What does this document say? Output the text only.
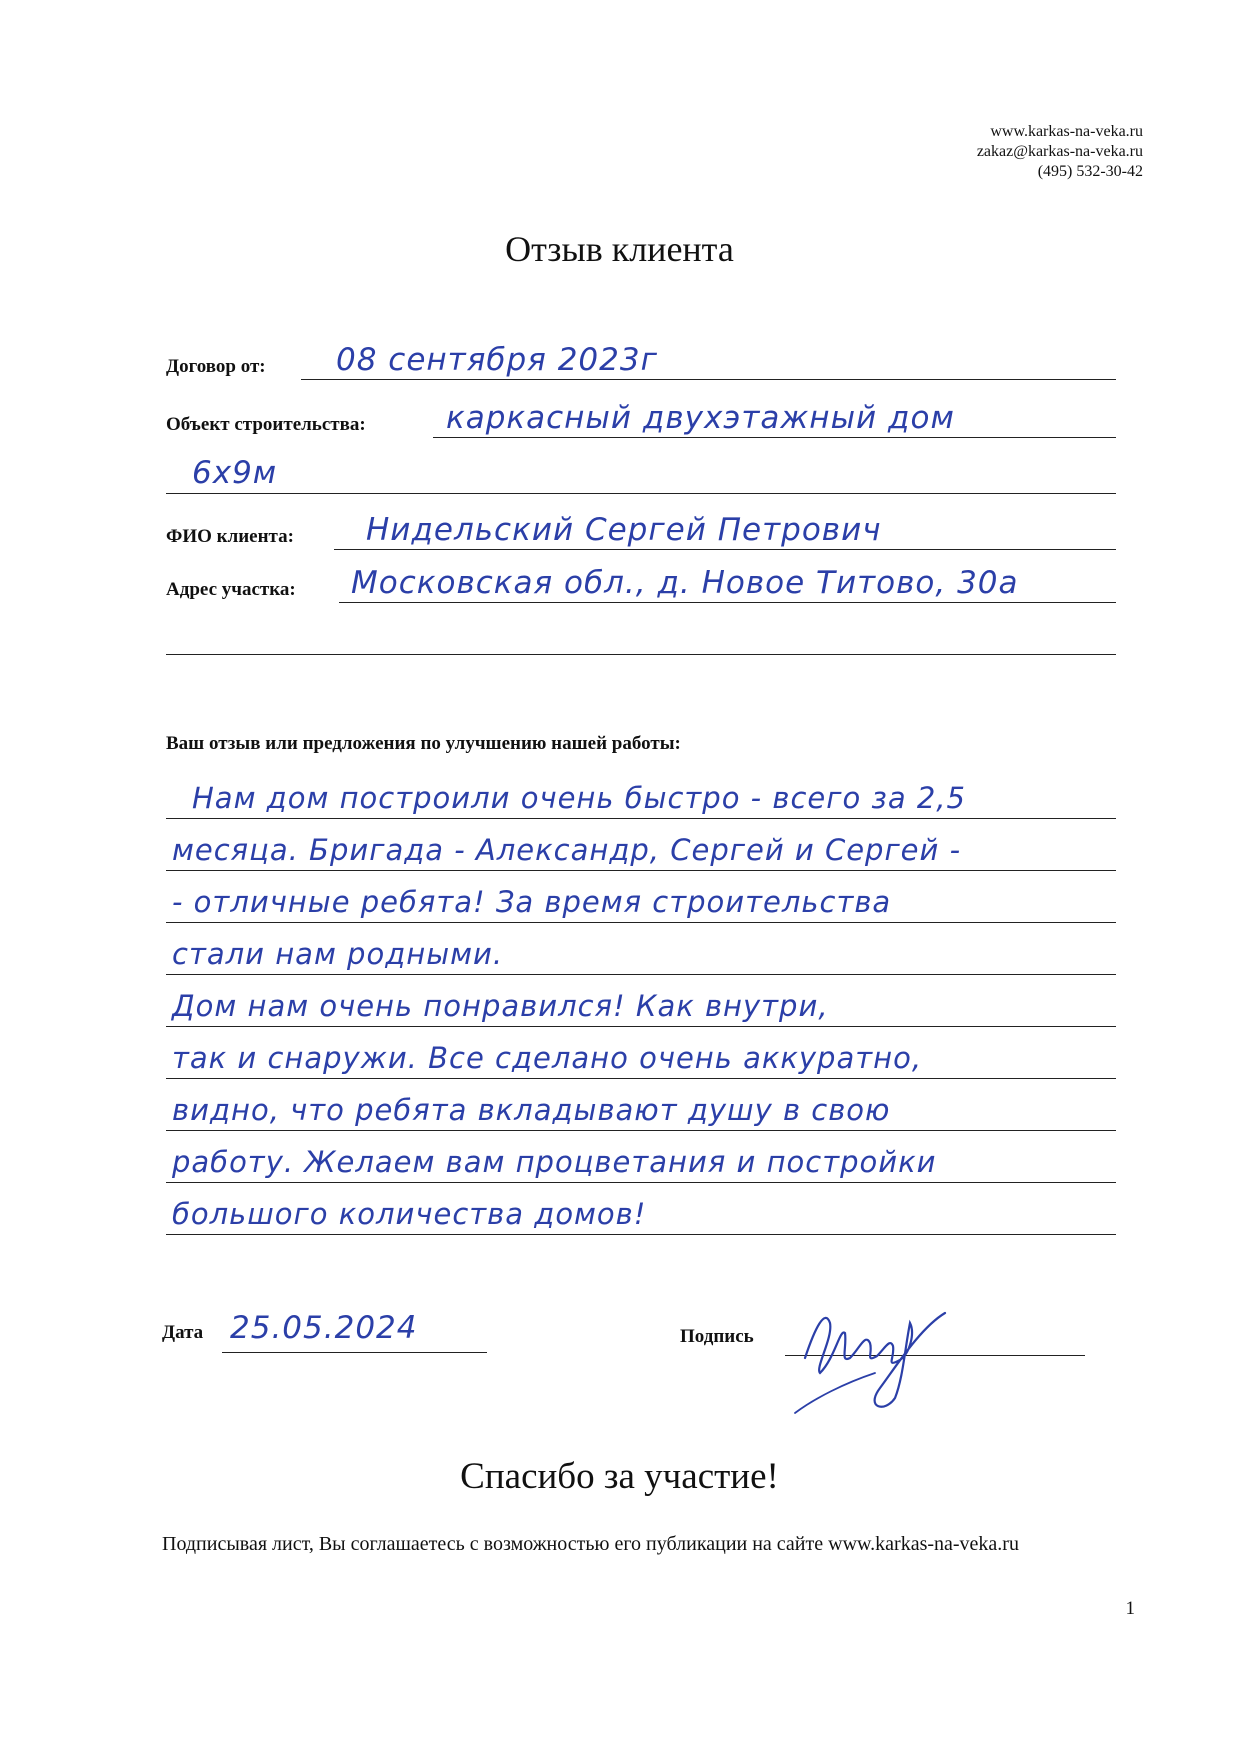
www.karkas-na-veka.ru
zakaz@karkas-na-veka.ru
(495) 532-30-42
Отзыв клиента
Договор от: 08 сентября 2023г
Объект строительства:	каркасный двухэтажный дом
6х9м
ФИО клиента: Нидельский Сергей Петрович
Адрес участка: Московская обл., д. Новое Титово, 30а
Ваш отзыв или предложения по улучшению нашей работы:
Нам дом построили очень быстро - всего за 2,5
месяца. Бригада - Александр, Сергей и Сергей -
- отличные ребята! За время строительства
стали нам родными.
Дом нам очень понравился! Как внутри,
так и снаружи. Все сделано очень аккуратно,
видно, что ребята вкладывают душу в свою
работу. Желаем вам процветания и постройки
большого количества домов!
Дата 25.05.2024	Подпись
Спасибо за участие!
Подписывая лист, Вы соглашаетесь с возможностью его публикации на сайте www.karkas-na-veka.ru
1
